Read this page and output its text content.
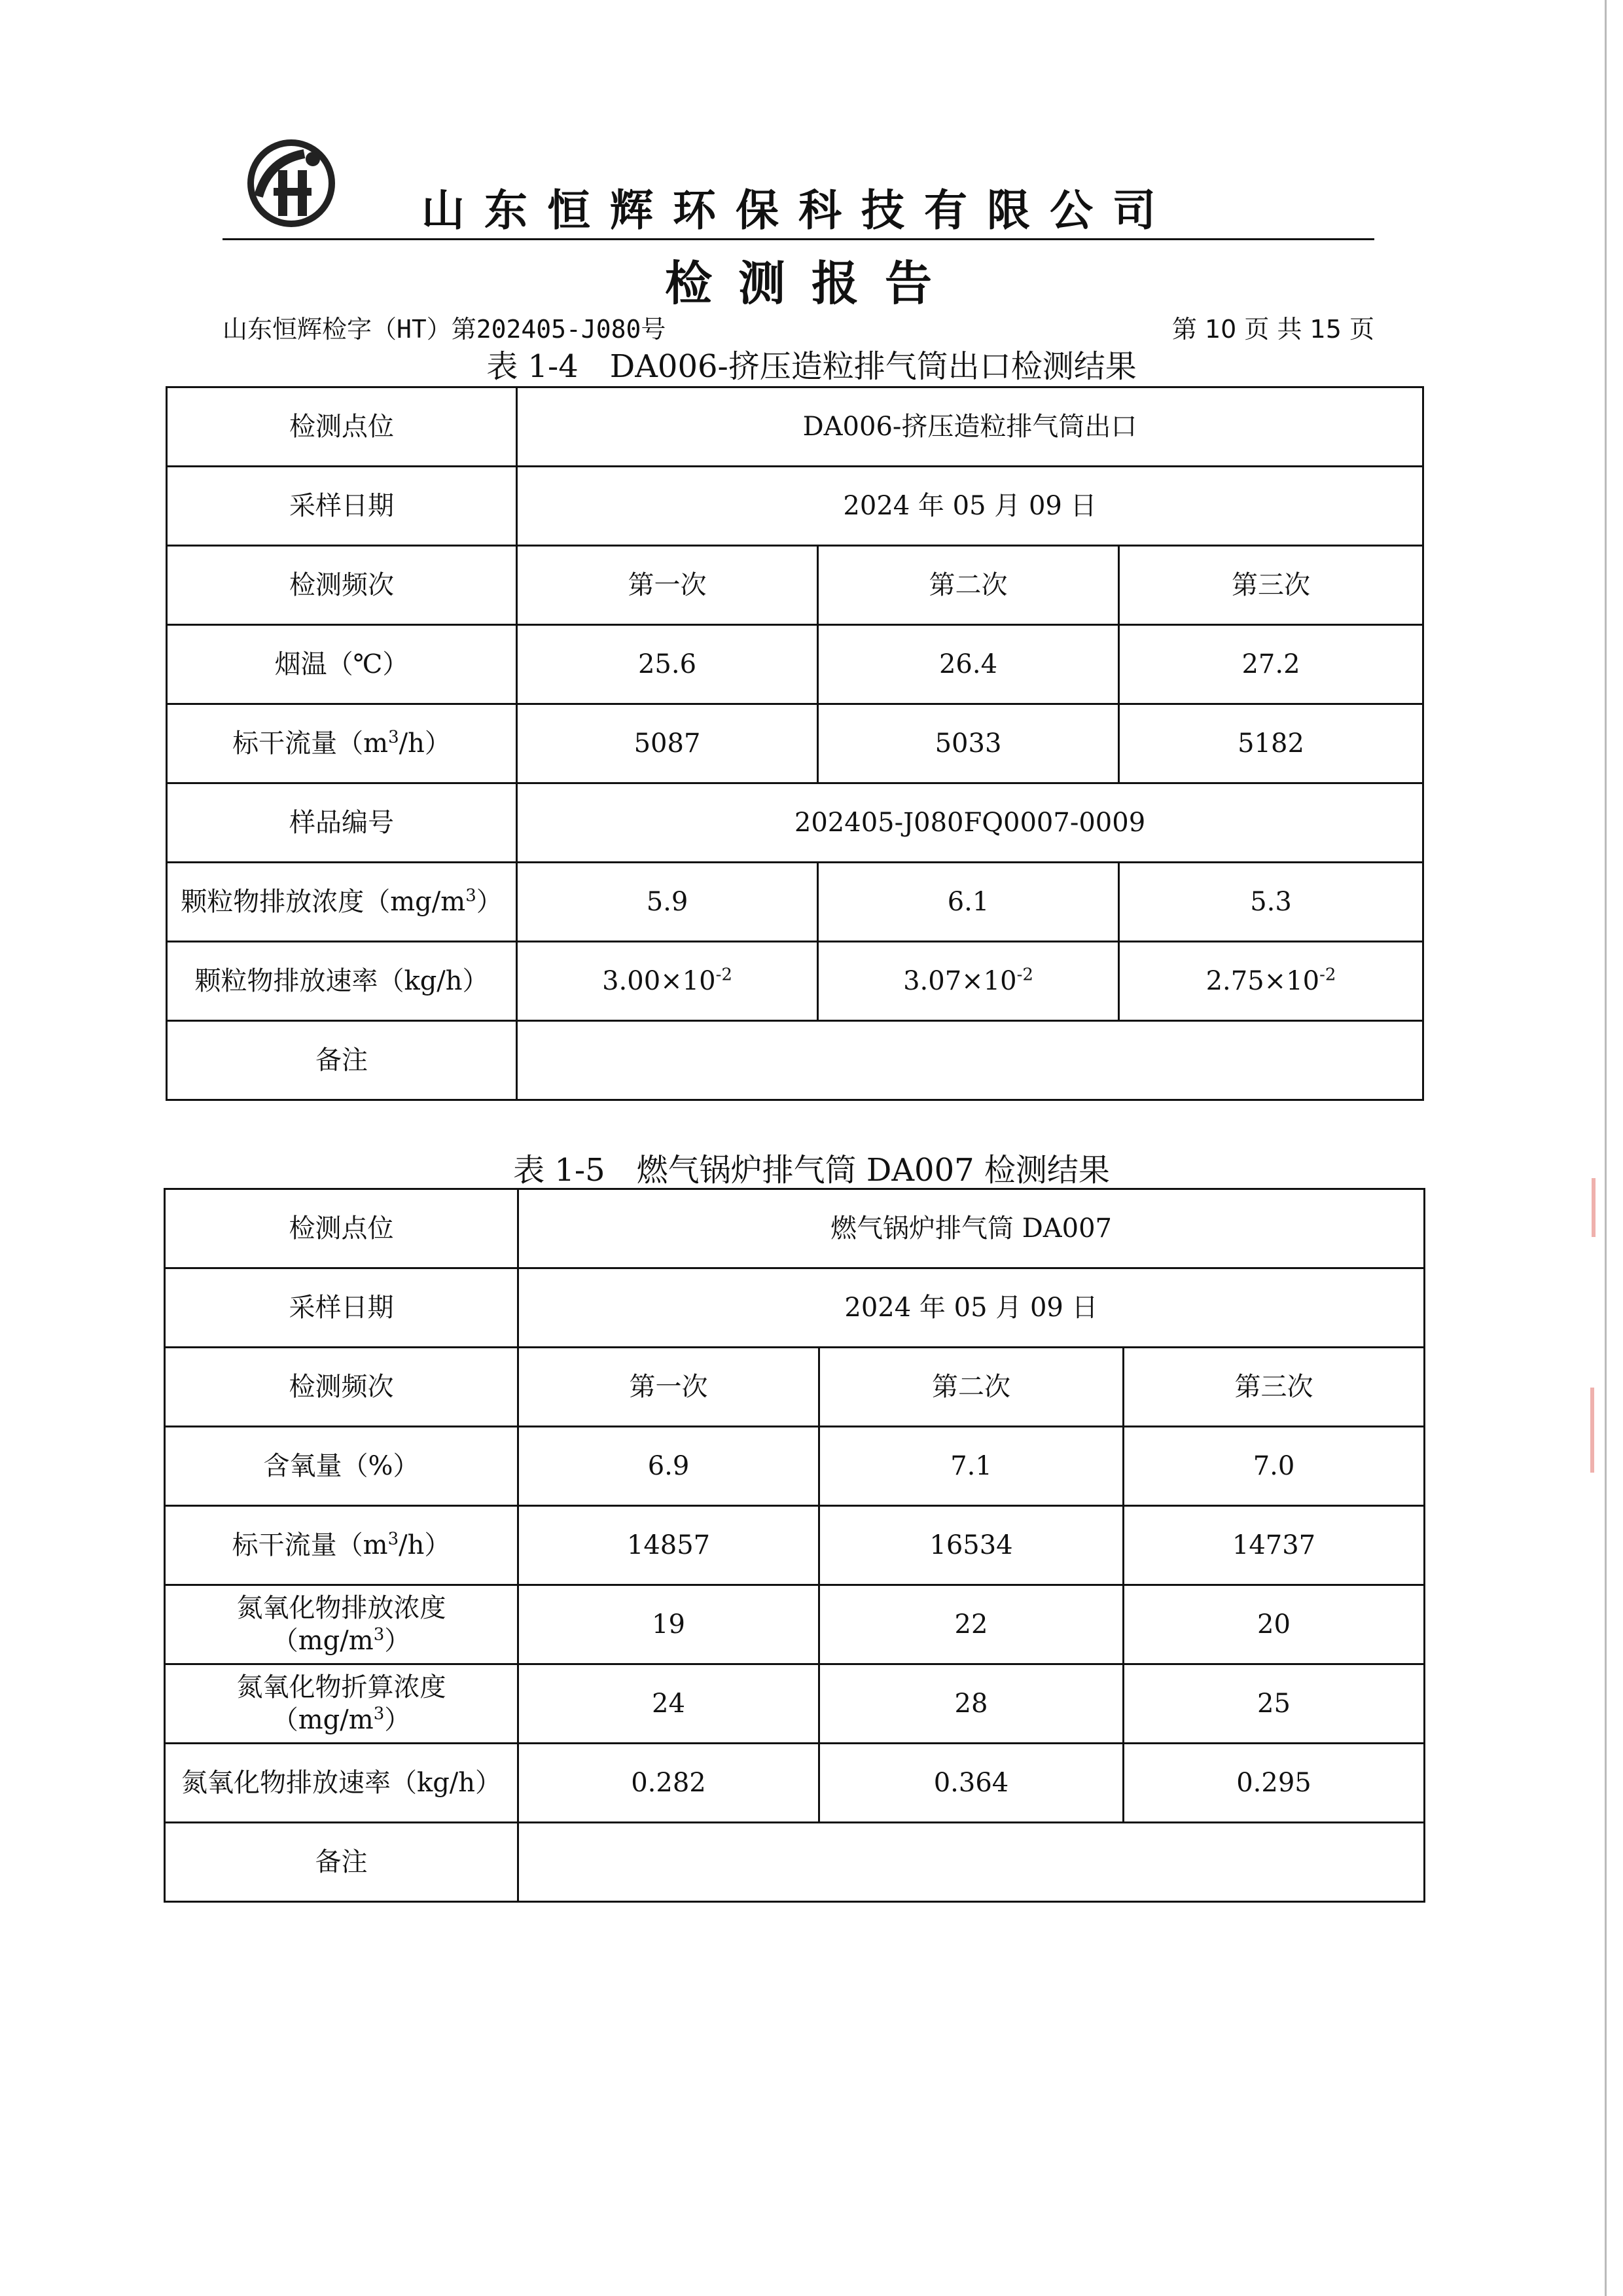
山东恒辉环保科技有限公司
检测报告
山东恒辉检字（HT）第202405-J080号	第 10 页 共 15 页
表 1-4　DA006-挤压造粒排气筒出口检测结果
检测点位	DA006-挤压造粒排气筒出口		
采样日期	2024 年 05 月 09 日		
检测频次	第一次	第二次	第三次
烟温（℃）	25.6	26.4	27.2
标干流量$(m^3/h)$	5087	5033	5182
样品编号	202405-J080FQ0007-0009		
颗粒物排放浓度$(mg/m^3)$	5.9	6.1	5.3
颗粒物排放速率（kg/h）	$3.00\times 10^{-2}$	$3.07\times 10^{-2}$	$2.75\times 10^{-2}$
备注			
表 1-5　燃气锅炉排气筒 DA007 检测结果
检测点位	燃气锅炉排气筒 DA007		
采样日期	2024 年 05 月 09 日		
检测频次	第一次	第二次	第三次
含氧量（%）	6.9	7.1	7.0
标干流量$(m^3/h)$	14857	16534	14737
氮氧化物排放浓度
$(mg/m^3)$	19	22	20
氮氧化物折算浓度
$(mg/m^3)$	24	28	25
氮氧化物排放速率（kg/h）	0.282	0.364	0.295
备注			
